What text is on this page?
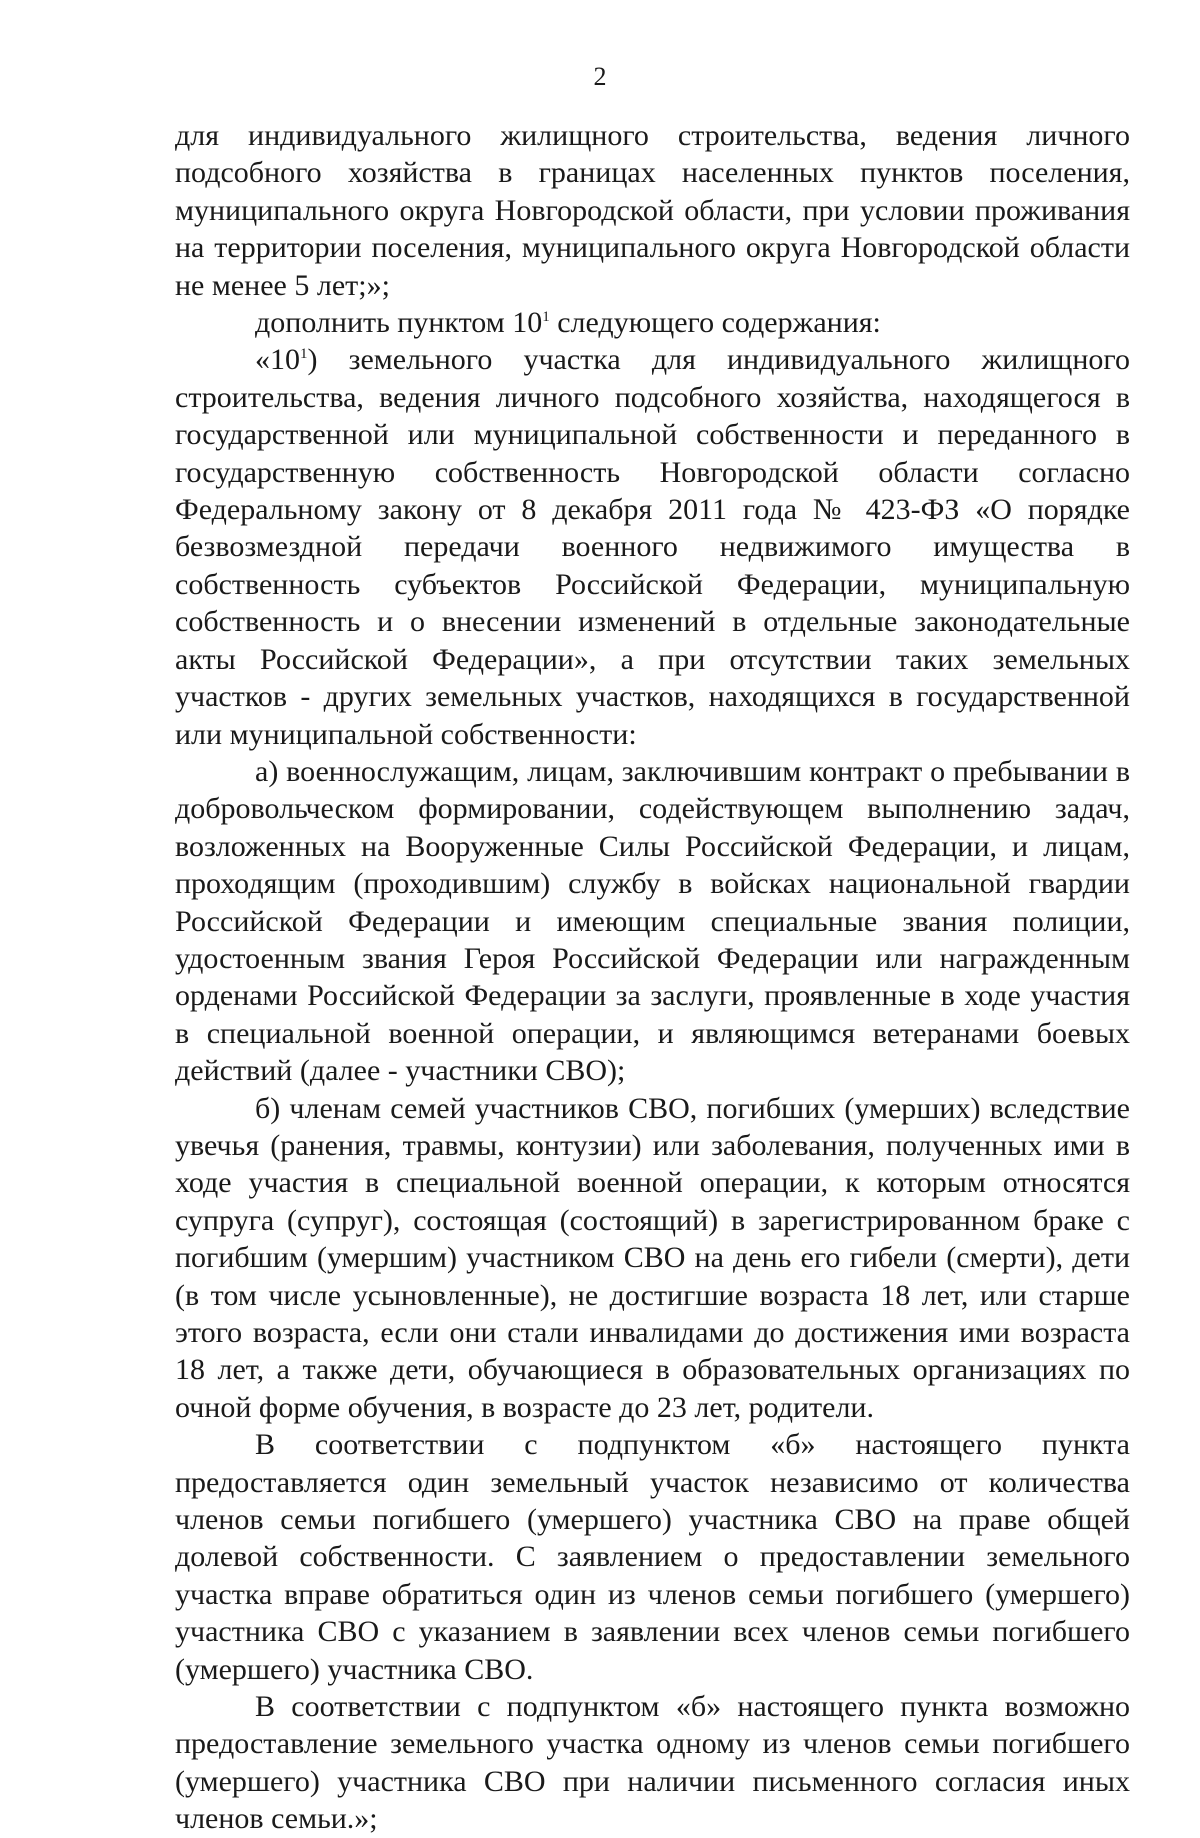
2

для индивидуального жилищного строительства, ведения личного подсобного хозяйства в границах населенных пунктов поселения, муниципального округа Новгородской области, при условии проживания на территории поселения, муниципального округа Новгородской области не менее 5 лет;»;

дополнить пунктом $10^1$ следующего содержания:

«$10^1$) земельного участка для индивидуального жилищного строительства, ведения личного подсобного хозяйства, находящегося в государственной или муниципальной собственности и переданного в государственную собственность Новгородской области согласно Федеральному закону от 8 декабря 2011 года № 423-ФЗ «О порядке безвозмездной передачи военного недвижимого имущества в собственность субъектов Российской Федерации, муниципальную собственность и о внесении изменений в отдельные законодательные акты Российской Федерации», а при отсутствии таких земельных участков - других земельных участков, находящихся в государственной или муниципальной собственности:

а) военнослужащим, лицам, заключившим контракт о пребывании в добровольческом формировании, содействующем выполнению задач, возложенных на Вооруженные Силы Российской Федерации, и лицам, проходящим (проходившим) службу в войсках национальной гвардии Российской Федерации и имеющим специальные звания полиции, удостоенным звания Героя Российской Федерации или награжденным орденами Российской Федерации за заслуги, проявленные в ходе участия в специальной военной операции, и являющимся ветеранами боевых действий (далее - участники СВО);

б) членам семей участников СВО, погибших (умерших) вследствие увечья (ранения, травмы, контузии) или заболевания, полученных ими в ходе участия в специальной военной операции, к которым относятся супруга (супруг), состоящая (состоящий) в зарегистрированном браке с погибшим (умершим) участником СВО на день его гибели (смерти), дети (в том числе усыновленные), не достигшие возраста 18 лет, или старше этого возраста, если они стали инвалидами до достижения ими возраста 18 лет, а также дети, обучающиеся в образовательных организациях по очной форме обучения, в возрасте до 23 лет, родители.

В соответствии с подпунктом «б» настоящего пункта предоставляется один земельный участок независимо от количества членов семьи погибшего (умершего) участника СВО на праве общей долевой собственности. С заявлением о предоставлении земельного участка вправе обратиться один из членов семьи погибшего (умершего) участника СВО с указанием в заявлении всех членов семьи погибшего (умершего) участника СВО.

В соответствии с подпунктом «б» настоящего пункта возможно предоставление земельного участка одному из членов семьи погибшего (умершего) участника СВО при наличии письменного согласия иных членов семьи.»;
